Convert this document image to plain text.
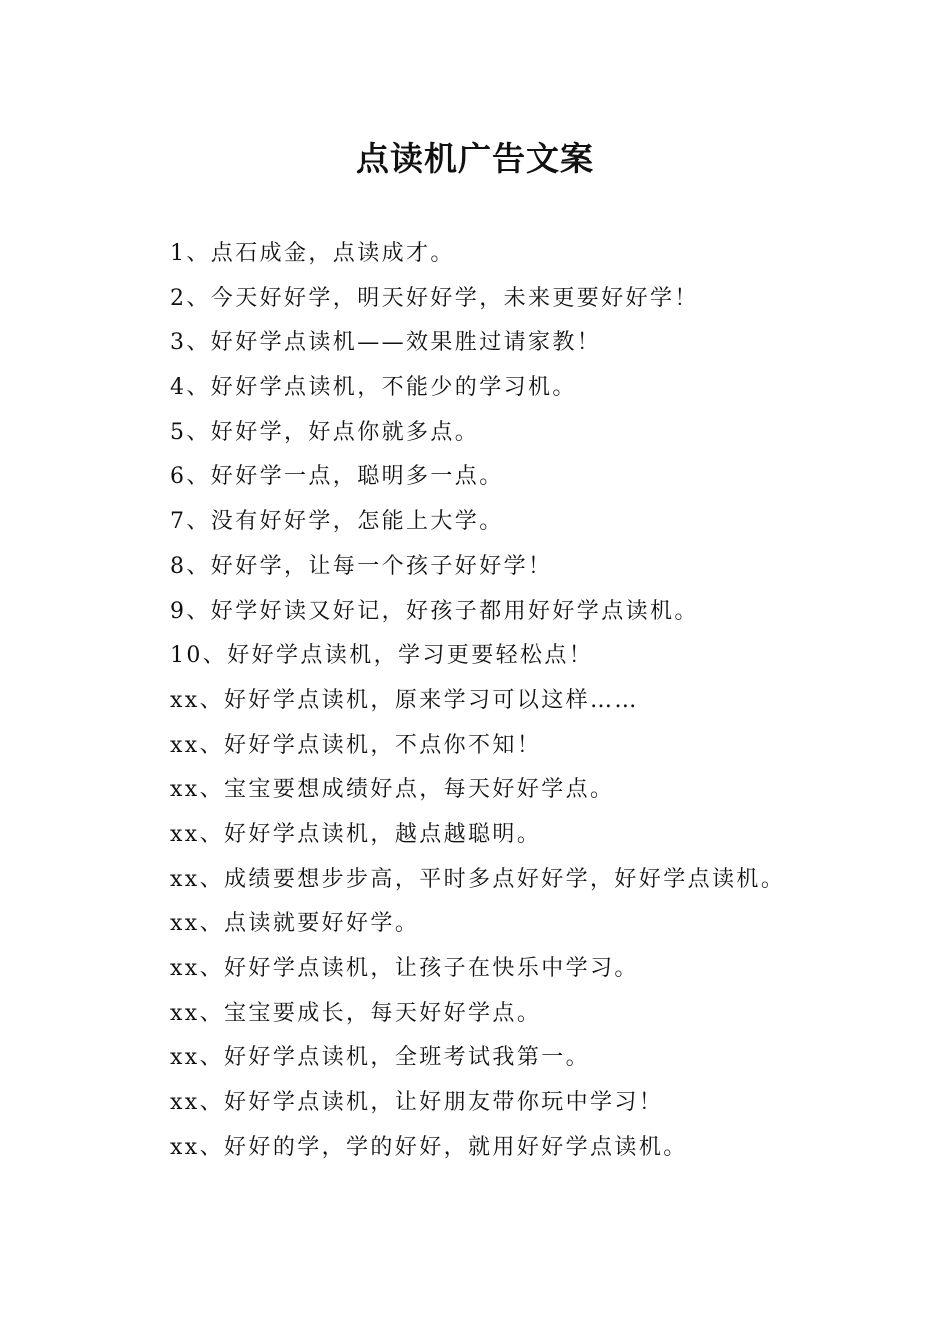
点读机广告文案
1、点石成金，点读成才。
2、今天好好学，明天好好学，未来更要好好学！
3、好好学点读机——效果胜过请家教！
4、好好学点读机，不能少的学习机。
5、好好学，好点你就多点。
6、好好学一点，聪明多一点。
7、没有好好学，怎能上大学。
8、好好学，让每一个孩子好好学！
9、好学好读又好记，好孩子都用好好学点读机。
10、好好学点读机，学习更要轻松点！
xx、好好学点读机，原来学习可以这样……
xx、好好学点读机，不点你不知！
xx、宝宝要想成绩好点，每天好好学点。
xx、好好学点读机，越点越聪明。
xx、成绩要想步步高，平时多点好好学，好好学点读机。
xx、点读就要好好学。
xx、好好学点读机，让孩子在快乐中学习。
xx、宝宝要成长，每天好好学点。
xx、好好学点读机，全班考试我第一。
xx、好好学点读机，让好朋友带你玩中学习！
xx、好好的学，学的好好，就用好好学点读机。
